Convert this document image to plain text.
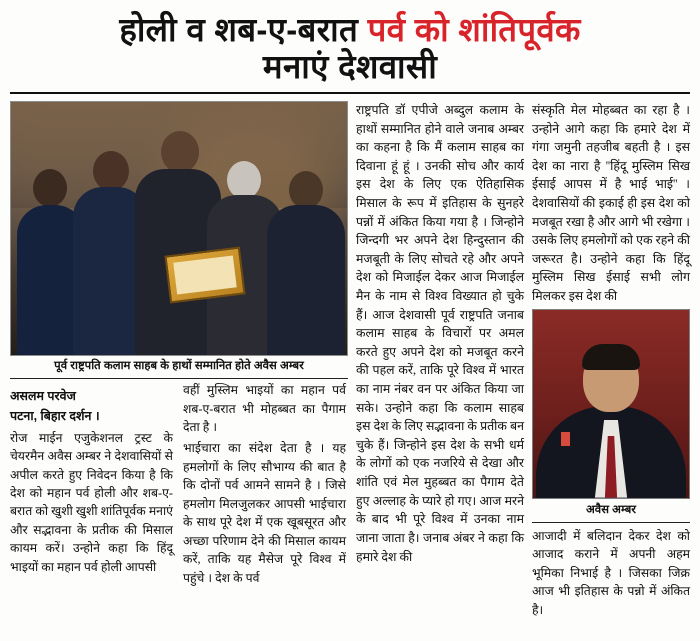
होली व शब-ए-बरात पर्व को शांतिपूर्वक
मनाएं देशवासी
पूर्व राष्ट्रपति कलाम साहब के हाथों सम्मानित होते अवैस अम्बर
असलम परवेज
पटना, बिहार दर्शन ।

रोज माईन एजुकेशनल ट्रस्ट के चेयरमैन अवैस अम्बर ने देशवासियों से अपील करते हुए निवेदन किया है कि देश को महान पर्व होली और शब-ए-बरात को खुशी खुशी शांतिपूर्वक मनाएं और सद्भावना के प्रतीक की मिसाल कायम करें। उन्होने कहा कि हिंदू भाइयों का महान पर्व होली आपसी

वहीं मुस्लिम भाइयों का महान पर्व शब-ए-बरात भी मोहब्बत का पैगाम देता है ।

भाईचारा का संदेश देता है । यह हमलोगों के लिए सौभाग्य की बात है कि दोनों पर्व आमने सामने है । जिसे हमलोग मिलजुलकर आपसी भाईचारा के साथ पूरे देश में एक खूबसूरत और अच्छा परिणाम देने की मिसाल कायम करें, ताकि यह मैसेज पूरे विश्व में पहुंचे । देश के पर्व

राष्ट्रपति डॉ एपीजे अब्दुल कलाम के हाथों सम्मानित होने वाले जनाब अम्बर का कहना है कि मैं कलाम साहब का दिवाना हूं हूं । उनकी सोच और कार्य इस देश के लिए एक ऐतिहासिक मिसाल के रूप में इतिहास के सुनहरे पन्नों में अंकित किया गया है । जिन्होने जिन्दगी भर अपने देश हिन्दुस्तान की मजबूती के लिए सोचते रहे और अपने देश को मिजाईल देकर आज मिजाईल मैन के नाम से विश्व विख्यात हो चुके हैं। आज देशवासी पूर्व राष्ट्रपति जनाब कलाम साहब के विचारों पर अमल करते हुए अपने देश को मजबूत करने की पहल करें, ताकि पूरे विश्व में भारत का नाम नंबर वन पर अंकित किया जा सके। उन्होने कहा कि कलाम साहब इस देश के लिए सद्भावना के प्रतीक बन चुके हैं। जिन्होने इस देश के सभी धर्म के लोगों को एक नजरिये से देखा और शांति एवं मेल मुहब्बत का पैगाम देते हुए अल्लाह के प्यारे हो गए। आज मरने के बाद भी पूरे विश्व में उनका नाम जाना जाता है। जनाब अंबर ने कहा कि हमारे देश की

संस्कृति मेल मोहब्बत का रहा है । उन्होने आगे कहा कि हमारे देश में गंगा जमुनी तहजीब बहती है । इस देश का नारा है ''हिंदू मुस्लिम सिख ईसाई आपस में है भाई भाई'' । देशवासियों की इकाई ही इस देश को मजबूत रखा है और आगे भी रखेगा । उसके लिए हमलोगों को एक रहने की जरूरत है। उन्होने कहा कि हिंदू मुस्लिम सिख ईसाई सभी लोग मिलकर इस देश की

अवैस अम्बर
आजादी में बलिदान देकर देश को आजाद कराने में अपनी अहम भूमिका निभाई है । जिसका जिक्र आज भी इतिहास के पन्नो में अंकित है।
